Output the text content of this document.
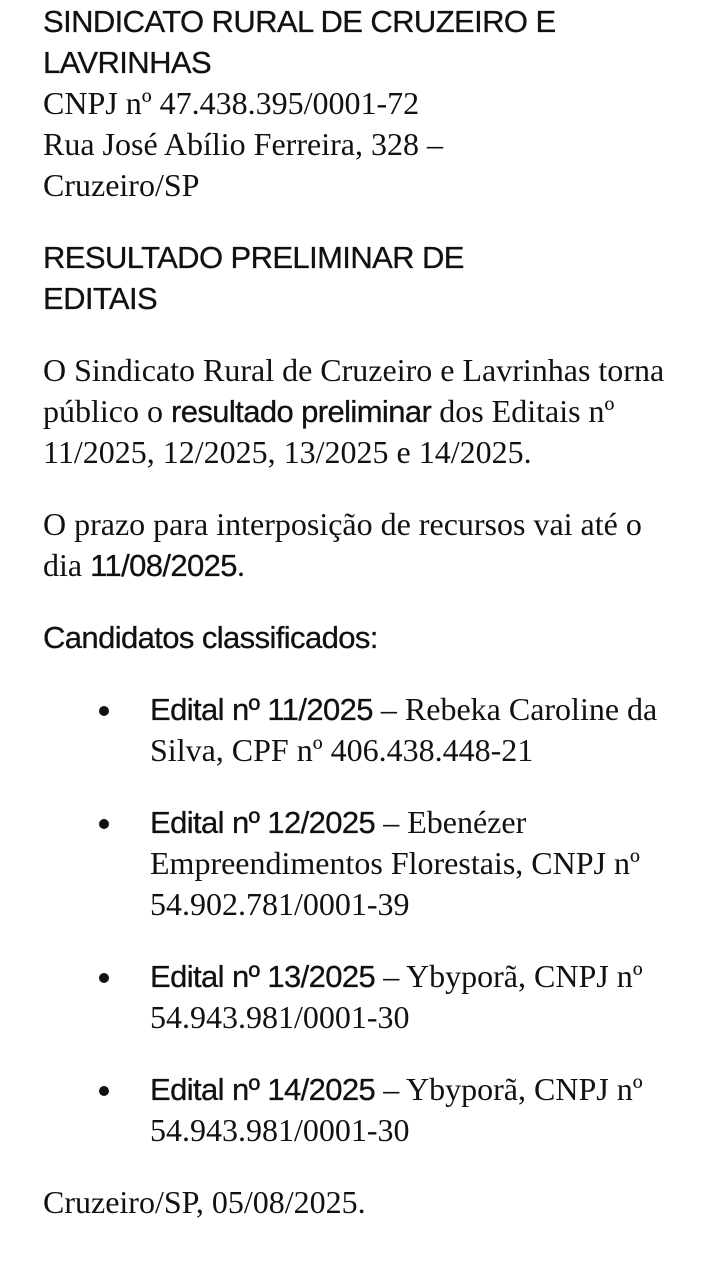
SINDICATO RURAL DE CRUZEIRO E
LAVRINHAS
CNPJ nº 47.438.395/0001-72
Rua José Abílio Ferreira, 328 –
Cruzeiro/SP
RESULTADO PRELIMINAR DE
EDITAIS

O Sindicato Rural de Cruzeiro e Lavrinhas torna público o resultado preliminar dos Editais nº 11/2025, 12/2025, 13/2025 e 14/2025.

O prazo para interposição de recursos vai até o dia 11/08/2025.

Candidatos classificados:
Edital nº 11/2025 – Rebeka Caroline da Silva, CPF nº 406.438.448-21
Edital nº 12/2025 – Ebenézer Empreendimentos Florestais, CNPJ nº 54.902.781/0001-39
Edital nº 13/2025 – Ybyporã, CNPJ nº 54.943.981/0001-30
Edital nº 14/2025 – Ybyporã, CNPJ nº 54.943.981/0001-30

Cruzeiro/SP, 05/08/2025.
